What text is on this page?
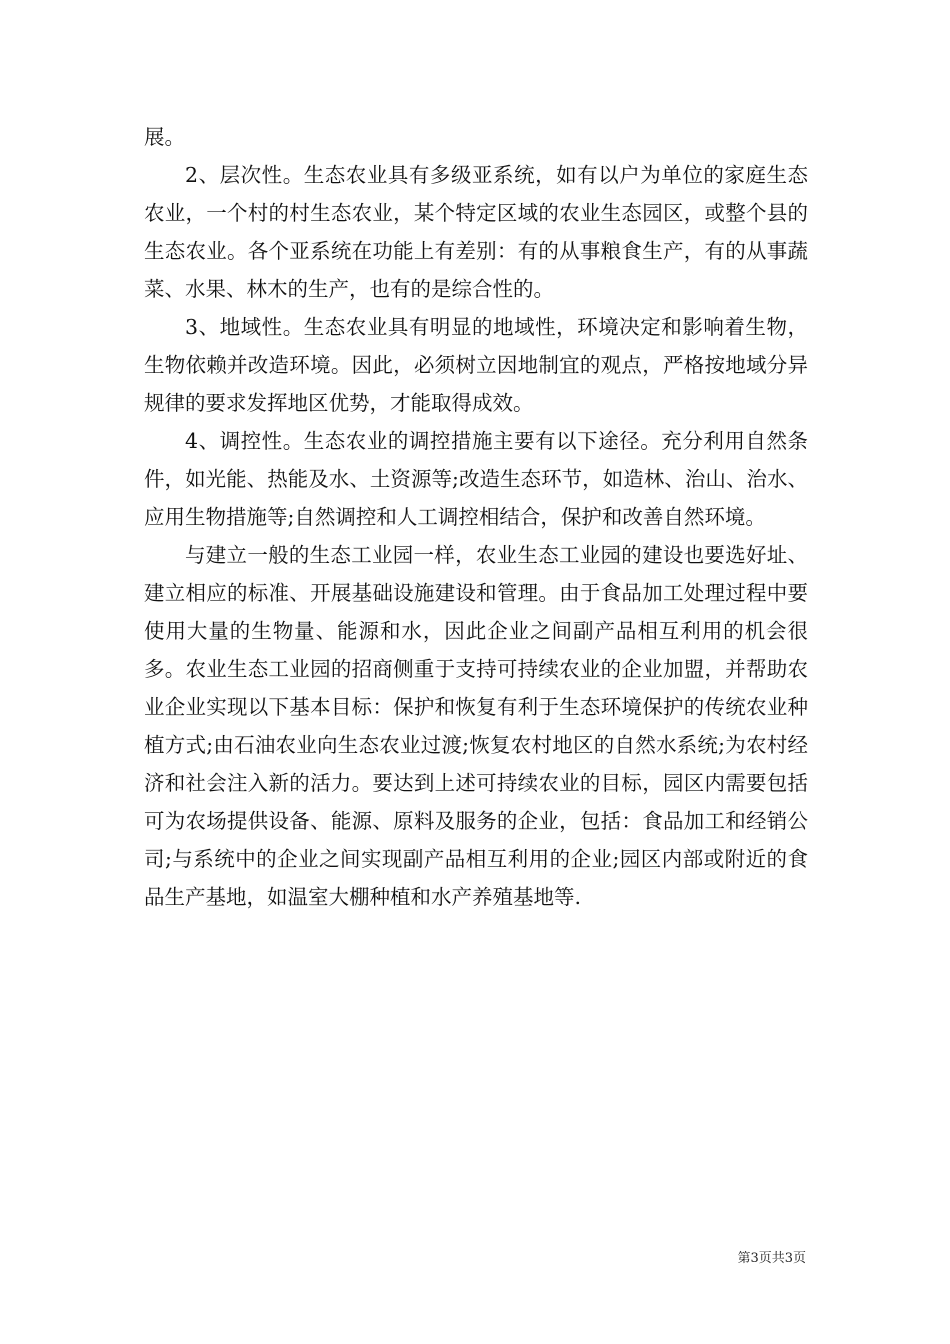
展。

2、层次性。生态农业具有多级亚系统，如有以户为单位的家庭生态农业，一个村的村生态农业，某个特定区域的农业生态园区，或整个县的生态农业。各个亚系统在功能上有差别：有的从事粮食生产，有的从事蔬菜、水果、林木的生产，也有的是综合性的。

3、地域性。生态农业具有明显的地域性，环境决定和影响着生物，生物依赖并改造环境。因此，必须树立因地制宜的观点，严格按地域分异规律的要求发挥地区优势，才能取得成效。

4、调控性。生态农业的调控措施主要有以下途径。充分利用自然条件，如光能、热能及水、土资源等;改造生态环节，如造林、治山、治水、应用生物措施等;自然调控和人工调控相结合，保护和改善自然环境。

与建立一般的生态工业园一样，农业生态工业园的建设也要选好址、建立相应的标准、开展基础设施建设和管理。由于食品加工处理过程中要使用大量的生物量、能源和水，因此企业之间副产品相互利用的机会很多。农业生态工业园的招商侧重于支持可持续农业的企业加盟，并帮助农业企业实现以下基本目标：保护和恢复有利于生态环境保护的传统农业种植方式;由石油农业向生态农业过渡;恢复农村地区的自然水系统;为农村经济和社会注入新的活力。要达到上述可持续农业的目标，园区内需要包括可为农场提供设备、能源、原料及服务的企业，包括：食品加工和经销公司;与系统中的企业之间实现副产品相互利用的企业;园区内部或附近的食品生产基地，如温室大棚种植和水产养殖基地等.

第3页共3页
